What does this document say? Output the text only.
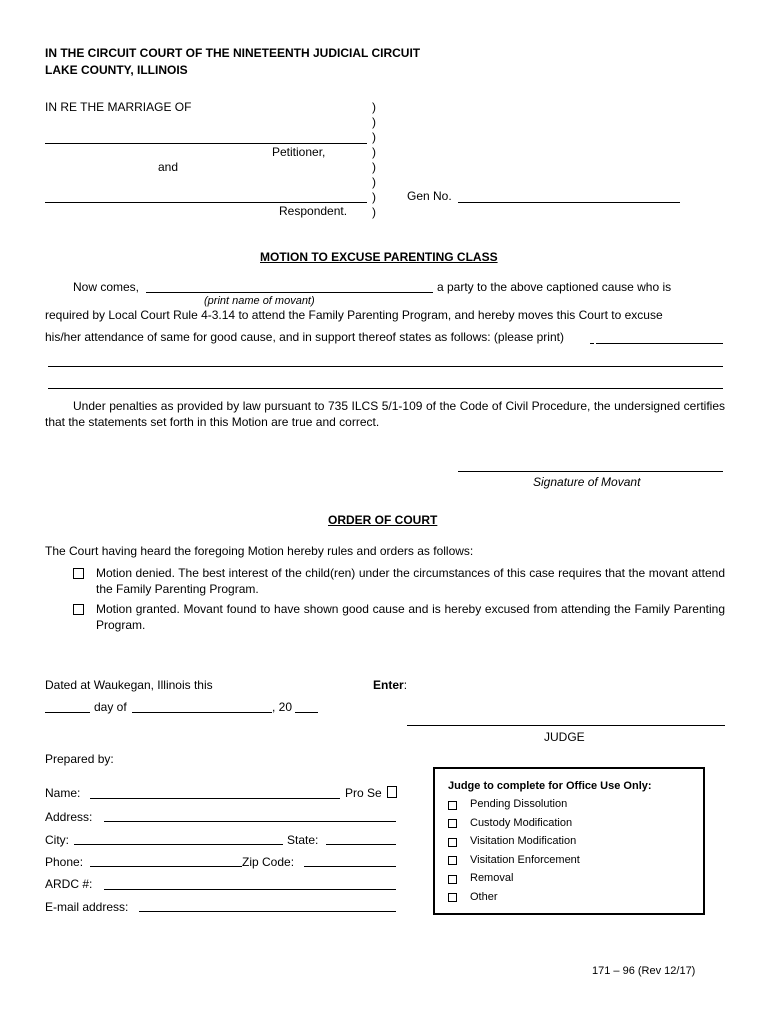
IN THE CIRCUIT COURT OF THE NINETEENTH JUDICIAL CIRCUIT
LAKE COUNTY, ILLINOIS
IN RE THE MARRIAGE OF
Petitioner,
and
Respondent.
)
)
)
)
)
)
)
)
Gen No.
MOTION TO EXCUSE PARENTING CLASS
Now comes,	a party to the above captioned cause who is
(print name of movant)
required by Local Court Rule 4-3.14 to attend the Family Parenting Program, and hereby moves this Court to excuse
his/her attendance of same for good cause, and in support thereof states as follows: (please print)
Under penalties as provided by law pursuant to 735 ILCS 5/1-109 of the Code of Civil Procedure, the undersigned certifies that the statements set forth in this Motion are true and correct.
Signature of Movant
ORDER OF COURT
The Court having heard the foregoing Motion hereby rules and orders as follows:
Motion denied. The best interest of the child(ren) under the circumstances of this case requires that the movant attend the Family Parenting Program.
Motion granted. Movant found to have shown good cause and is hereby excused from attending the Family Parenting Program.
Dated at Waukegan, Illinois this	Enter:
day of	, 20
JUDGE
Prepared by:
Name:	Pro Se
Address:
City:	State:
Phone:	Zip Code:
ARDC #:
E-mail address:
Judge to complete for Office Use Only:
Pending Dissolution
Custody Modification
Visitation Modification
Visitation Enforcement
Removal
Other
171 – 96 (Rev 12/17)
